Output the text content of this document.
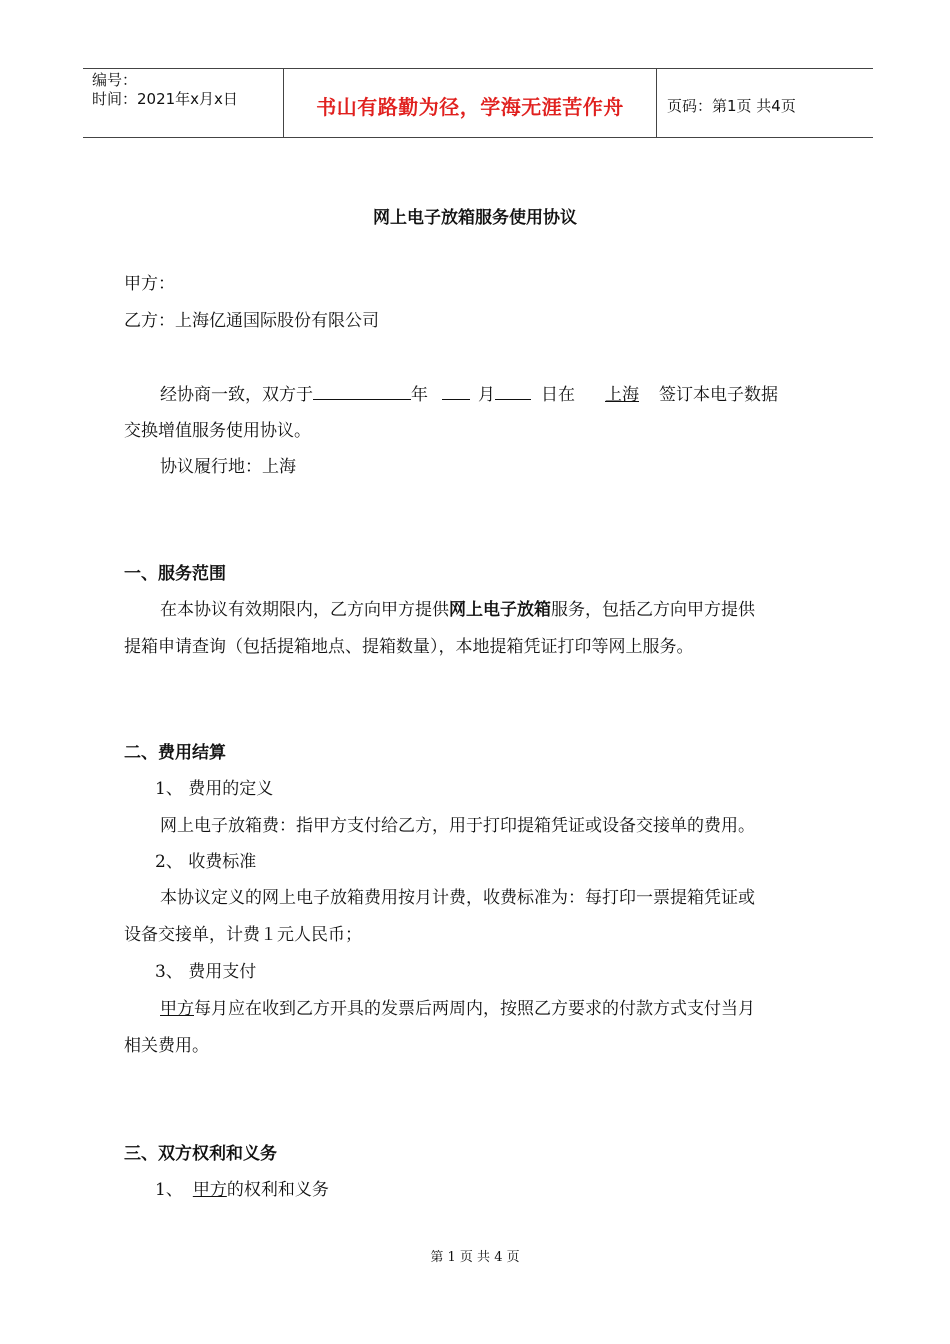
编号：
时间：2021年x月x日	书山有路勤为径，学海无涯苦作舟	页码：第1页 共4页
网上电子放箱服务使用协议
甲方：
乙方：上海亿通国际股份有限公司
经协商一致，双方于	年	月	日在 上海 签订本电子数据
交换增值服务使用协议。
协议履行地：上海
一、服务范围
在本协议有效期限内，乙方向甲方提供网上电子放箱服务，包括乙方向甲方提供
提箱申请查询（包括提箱地点、提箱数量），本地提箱凭证打印等网上服务。
二、费用结算
1、 费用的定义
网上电子放箱费：指甲方支付给乙方，用于打印提箱凭证或设备交接单的费用。
2、 收费标准
本协议定义的网上电子放箱费用按月计费，收费标准为：每打印一票提箱凭证或
设备交接单，计费１元人民币；
3、 费用支付
甲方每月应在收到乙方开具的发票后两周内，按照乙方要求的付款方式支付当月
相关费用。
三、双方权利和义务
1、 甲方的权利和义务
第 1 页 共 4 页
